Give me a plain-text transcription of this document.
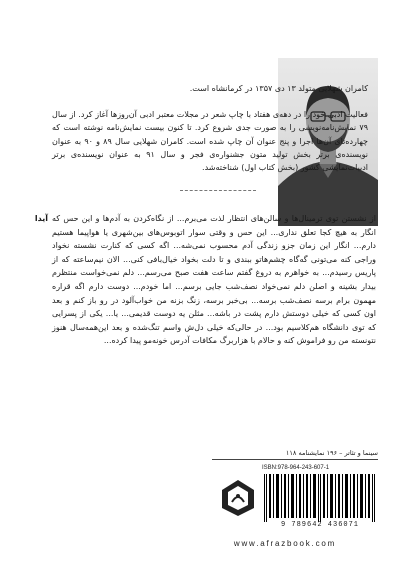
کامران شهلایی متولد ۱۳ دی ۱۳۵۷ در کرمانشاه است.

فعالیت ادبی خود را در دهه‌ی هفتاد با چاپ شعر در مجلات معتبر ادبی آن‌روزها آغاز کرد. از سال ۷۹ نمایش‌نامه‌نویسی را به صورت جدی شروع کرد. تا کنون بیست نمایش‌نامه نوشته است که چهارده‌تای آن‌ها اجرا و پنج عنوان آن چاپ شده است. کامران شهلایی سال ۸۹ و ۹۰ به عنوان نویسنده‌ی برتر بخش تولید متون جشنواره‌ی فجر و سال ۹۱ به عنوان نویسنده‌ی برتر ادبیات‌نمایشی کشور (بخش کتاب اول) شناخته‌شد.

آیدا از نشستن توی ترمینال‌ها و سالن‌های انتظار لذت می‌برم... از نگاه‌کردن به آدم‌ها و این حس که انگار به هیچ کجا تعلق نداری... این حس و وقتی سوار اتوبوس‌های بین‌شهری یا هواپیما هستیم دارم... انگار این زمان جزو زندگی آدم محسوب نمی‌شه... اگه کسی که کنارت نشسته نخواد وراجی کنه می‌تونی گه‌گاه چشم‌هاتو ببندی و تا دلت بخواد خیال‌بافی کنی... الان نیم‌ساعته که از پاریس رسیدم... به خواهرم به دروغ گفتم ساعت هفت صبح می‌رسم... دلم نمی‌خواست منتظرم بیدار بشینه و اصلن دلم نمی‌خواد نصف‌شب جایی برسم... اما خودم... دوست دارم اگه قراره مهمون برام برسه نصف‌شب برسه... بی‌خبر برسه، زنگ بزنه من خواب‌آلود در رو باز کنم و بعد اون کسی که خیلی دوستش دارم پشت در باشه... مثلن یه دوست قدیمی... یا... یکی از پسرایی که توی دانشگاه هم‌کلاسیم بود... در حالی‌که خیلی دل‌ش واسم تنگ‌شده و بعد این‌همه‌سال هنوز نتونسته من رو فراموش کنه و حالام با هزاربرگ مکافات آدرس خونه‌مو پیدا کرده...
سینما و تئاتر – ۱۹۶ نمایشنامه ۱۱۸
ISBN:978-964-243-607-1
9 789642 436071
www.afrazbook.com
